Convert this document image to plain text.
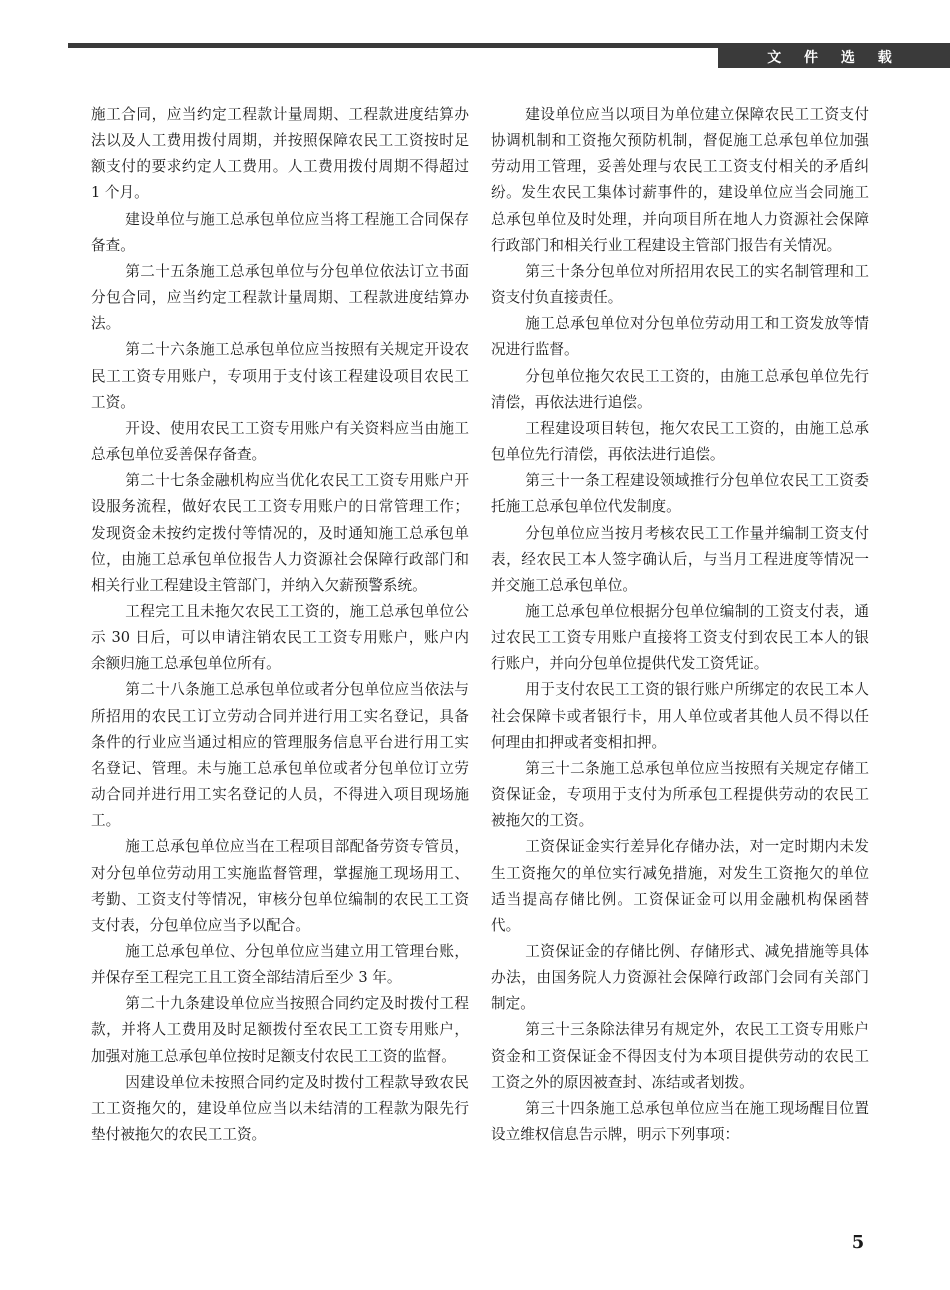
文 件 选 载

施工合同，应当约定工程款计量周期、工程款进度结算办法以及人工费用拨付周期，并按照保障农民工工资按时足额支付的要求约定人工费用。人工费用拨付周期不得超过 1 个月。

建设单位与施工总承包单位应当将工程施工合同保存备查。

第二十五条施工总承包单位与分包单位依法订立书面分包合同，应当约定工程款计量周期、工程款进度结算办法。

第二十六条施工总承包单位应当按照有关规定开设农民工工资专用账户，专项用于支付该工程建设项目农民工工资。

开设、使用农民工工资专用账户有关资料应当由施工总承包单位妥善保存备查。

第二十七条金融机构应当优化农民工工资专用账户开设服务流程，做好农民工工资专用账户的日常管理工作；发现资金未按约定拨付等情况的，及时通知施工总承包单位，由施工总承包单位报告人力资源社会保障行政部门和相关行业工程建设主管部门，并纳入欠薪预警系统。

工程完工且未拖欠农民工工资的，施工总承包单位公示 30 日后，可以申请注销农民工工资专用账户，账户内余额归施工总承包单位所有。

第二十八条施工总承包单位或者分包单位应当依法与所招用的农民工订立劳动合同并进行用工实名登记，具备条件的行业应当通过相应的管理服务信息平台进行用工实名登记、管理。未与施工总承包单位或者分包单位订立劳动合同并进行用工实名登记的人员，不得进入项目现场施工。

施工总承包单位应当在工程项目部配备劳资专管员，对分包单位劳动用工实施监督管理，掌握施工现场用工、考勤、工资支付等情况，审核分包单位编制的农民工工资支付表，分包单位应当予以配合。

施工总承包单位、分包单位应当建立用工管理台账，并保存至工程完工且工资全部结清后至少 3 年。

第二十九条建设单位应当按照合同约定及时拨付工程款，并将人工费用及时足额拨付至农民工工资专用账户，加强对施工总承包单位按时足额支付农民工工资的监督。

因建设单位未按照合同约定及时拨付工程款导致农民工工资拖欠的，建设单位应当以未结清的工程款为限先行垫付被拖欠的农民工工资。

建设单位应当以项目为单位建立保障农民工工资支付协调机制和工资拖欠预防机制，督促施工总承包单位加强劳动用工管理，妥善处理与农民工工资支付相关的矛盾纠纷。发生农民工集体讨薪事件的，建设单位应当会同施工总承包单位及时处理，并向项目所在地人力资源社会保障行政部门和相关行业工程建设主管部门报告有关情况。

第三十条分包单位对所招用农民工的实名制管理和工资支付负直接责任。

施工总承包单位对分包单位劳动用工和工资发放等情况进行监督。

分包单位拖欠农民工工资的，由施工总承包单位先行清偿，再依法进行追偿。

工程建设项目转包，拖欠农民工工资的，由施工总承包单位先行清偿，再依法进行追偿。

第三十一条工程建设领域推行分包单位农民工工资委托施工总承包单位代发制度。

分包单位应当按月考核农民工工作量并编制工资支付表，经农民工本人签字确认后，与当月工程进度等情况一并交施工总承包单位。

施工总承包单位根据分包单位编制的工资支付表，通过农民工工资专用账户直接将工资支付到农民工本人的银行账户，并向分包单位提供代发工资凭证。

用于支付农民工工资的银行账户所绑定的农民工本人社会保障卡或者银行卡，用人单位或者其他人员不得以任何理由扣押或者变相扣押。

第三十二条施工总承包单位应当按照有关规定存储工资保证金，专项用于支付为所承包工程提供劳动的农民工被拖欠的工资。

工资保证金实行差异化存储办法，对一定时期内未发生工资拖欠的单位实行减免措施，对发生工资拖欠的单位适当提高存储比例。工资保证金可以用金融机构保函替代。

工资保证金的存储比例、存储形式、减免措施等具体办法，由国务院人力资源社会保障行政部门会同有关部门制定。

第三十三条除法律另有规定外，农民工工资专用账户资金和工资保证金不得因支付为本项目提供劳动的农民工工资之外的原因被查封、冻结或者划拨。

第三十四条施工总承包单位应当在施工现场醒目位置设立维权信息告示牌，明示下列事项：

5
